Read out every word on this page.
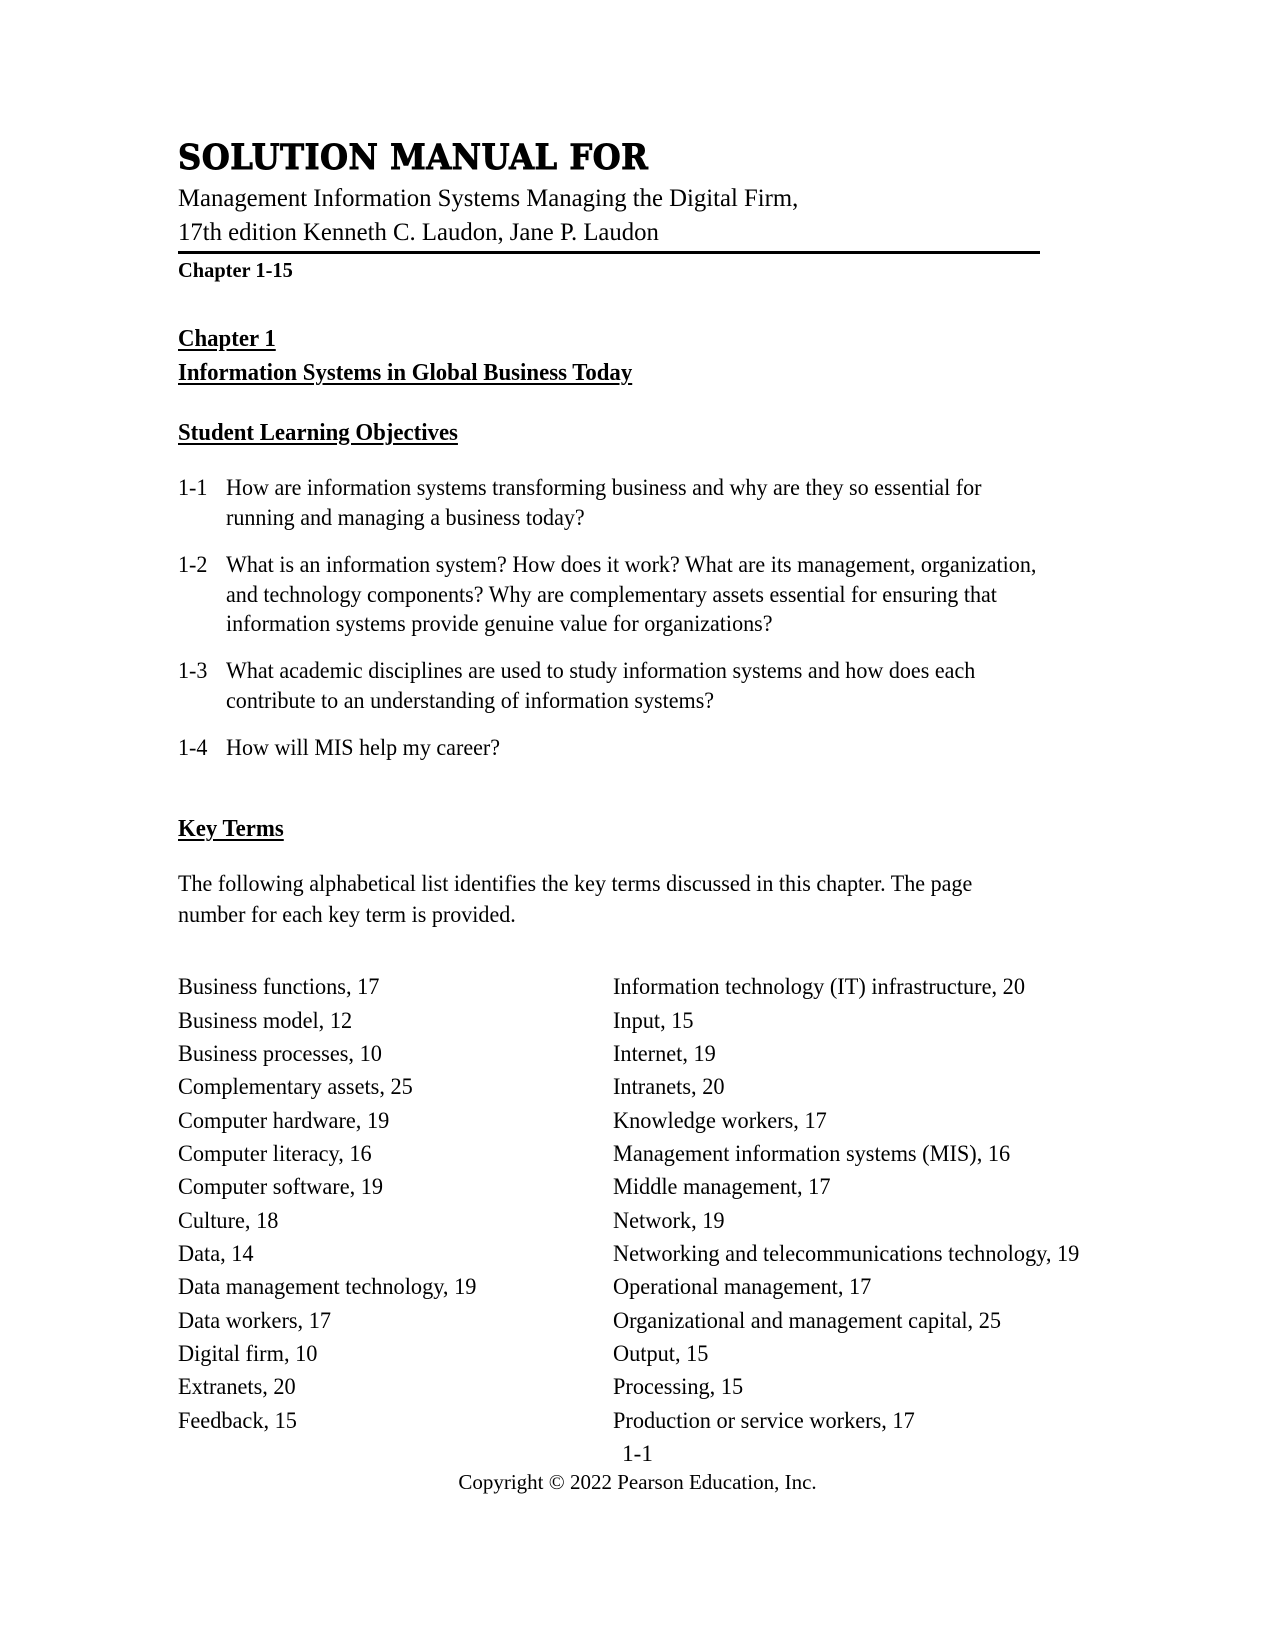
SOLUTION MANUAL FOR
Management Information Systems Managing the Digital Firm,
17th edition Kenneth C. Laudon, Jane P. Laudon
Chapter 1-15
Chapter 1
Information Systems in Global Business Today
Student Learning Objectives
1-1 How are information systems transforming business and why are they so essential for running and managing a business today?
1-2 What is an information system? How does it work? What are its management, organization, and technology components? Why are complementary assets essential for ensuring that information systems provide genuine value for organizations?
1-3 What academic disciplines are used to study information systems and how does each contribute to an understanding of information systems?
1-4 How will MIS help my career?
Key Terms

The following alphabetical list identifies the key terms discussed in this chapter. The page number for each key term is provided.

Business functions, 17

Business model, 12

Business processes, 10

Complementary assets, 25

Computer hardware, 19

Computer literacy, 16

Computer software, 19

Culture, 18

Data, 14

Data management technology, 19

Data workers, 17

Digital firm, 10

Extranets, 20

Feedback, 15

Information technology (IT) infrastructure, 20

Input, 15

Internet, 19

Intranets, 20

Knowledge workers, 17

Management information systems (MIS), 16

Middle management, 17

Network, 19

Networking and telecommunications technology, 19

Operational management, 17

Organizational and management capital, 25

Output, 15

Processing, 15

Production or service workers, 17

1-1

Copyright © 2022 Pearson Education, Inc.
